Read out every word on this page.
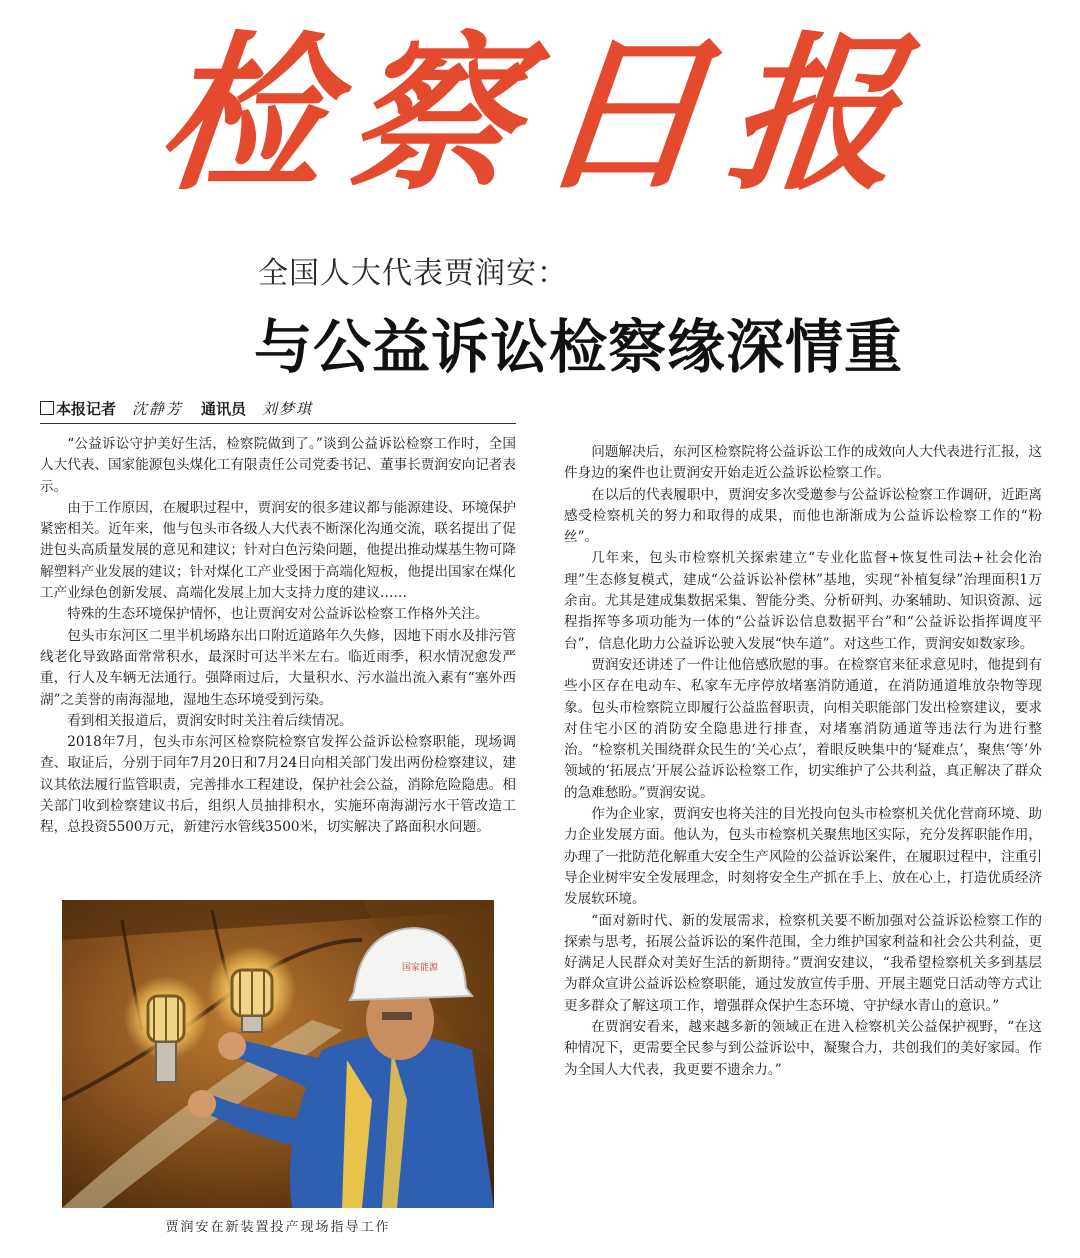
检察日报
全国人大代表贾润安：
与公益诉讼检察缘深情重
本报记者 沈静芳 通讯员 刘梦琪

“公益诉讼守护美好生活，检察院做到了。”谈到公益诉讼检察工作时，全国人大代表、国家能源包头煤化工有限责任公司党委书记、董事长贾润安向记者表示。

由于工作原因，在履职过程中，贾润安的很多建议都与能源建设、环境保护紧密相关。近年来，他与包头市各级人大代表不断深化沟通交流，联名提出了促进包头高质量发展的意见和建议；针对白色污染问题，他提出推动煤基生物可降解塑料产业发展的建议；针对煤化工产业受困于高端化短板，他提出国家在煤化工产业绿色创新发展、高端化发展上加大支持力度的建议……

特殊的生态环境保护情怀，也让贾润安对公益诉讼检察工作格外关注。

包头市东河区二里半机场路东出口附近道路年久失修，因地下雨水及排污管线老化导致路面常常积水，最深时可达半米左右。临近雨季，积水情况愈发严重，行人及车辆无法通行。强降雨过后，大量积水、污水溢出流入素有“塞外西湖”之美誉的南海湿地，湿地生态环境受到污染。

看到相关报道后，贾润安时时关注着后续情况。

2018年7月，包头市东河区检察院检察官发挥公益诉讼检察职能，现场调查、取证后，分别于同年7月20日和7月24日向相关部门发出两份检察建议，建议其依法履行监管职责，完善排水工程建设，保护社会公益，消除危险隐患。相关部门收到检察建议书后，组织人员抽排积水，实施环南海湖污水干管改造工程，总投资5500万元，新建污水管线3500米，切实解决了路面积水问题。

国家能源
贾润安在新装置投产现场指导工作

问题解决后，东河区检察院将公益诉讼工作的成效向人大代表进行汇报，这件身边的案件也让贾润安开始走近公益诉讼检察工作。

在以后的代表履职中，贾润安多次受邀参与公益诉讼检察工作调研，近距离感受检察机关的努力和取得的成果，而他也渐渐成为公益诉讼检察工作的“粉丝”。

几年来，包头市检察机关探索建立“专业化监督+恢复性司法+社会化治理”生态修复模式，建成“公益诉讼补偿林”基地，实现“补植复绿”治理面积1万余亩。尤其是建成集数据采集、智能分类、分析研判、办案辅助、知识资源、远程指挥等多项功能为一体的“公益诉讼信息数据平台”和“公益诉讼指挥调度平台”，信息化助力公益诉讼驶入发展“快车道”。对这些工作，贾润安如数家珍。

贾润安还讲述了一件让他倍感欣慰的事。在检察官来征求意见时，他提到有些小区存在电动车、私家车无序停放堵塞消防通道，在消防通道堆放杂物等现象。包头市检察院立即履行公益监督职责，向相关职能部门发出检察建议，要求对住宅小区的消防安全隐患进行排查，对堵塞消防通道等违法行为进行整治。“检察机关围绕群众民生的‘关心点’，着眼反映集中的‘疑难点’，聚焦‘等’外领域的‘拓展点’开展公益诉讼检察工作，切实维护了公共利益，真正解决了群众的急难愁盼。”贾润安说。

作为企业家，贾润安也将关注的目光投向包头市检察机关优化营商环境、助力企业发展方面。他认为，包头市检察机关聚焦地区实际，充分发挥职能作用，办理了一批防范化解重大安全生产风险的公益诉讼案件，在履职过程中，注重引导企业树牢安全发展理念，时刻将安全生产抓在手上、放在心上，打造优质经济发展软环境。

“面对新时代、新的发展需求，检察机关要不断加强对公益诉讼检察工作的探索与思考，拓展公益诉讼的案件范围，全力维护国家利益和社会公共利益，更好满足人民群众对美好生活的新期待。”贾润安建议，“我希望检察机关多到基层为群众宣讲公益诉讼检察职能，通过发放宣传手册、开展主题党日活动等方式让更多群众了解这项工作，增强群众保护生态环境、守护绿水青山的意识。”

在贾润安看来，越来越多新的领域正在进入检察机关公益保护视野，“在这种情况下，更需要全民参与到公益诉讼中，凝聚合力，共创我们的美好家园。作为全国人大代表，我更要不遗余力。”
